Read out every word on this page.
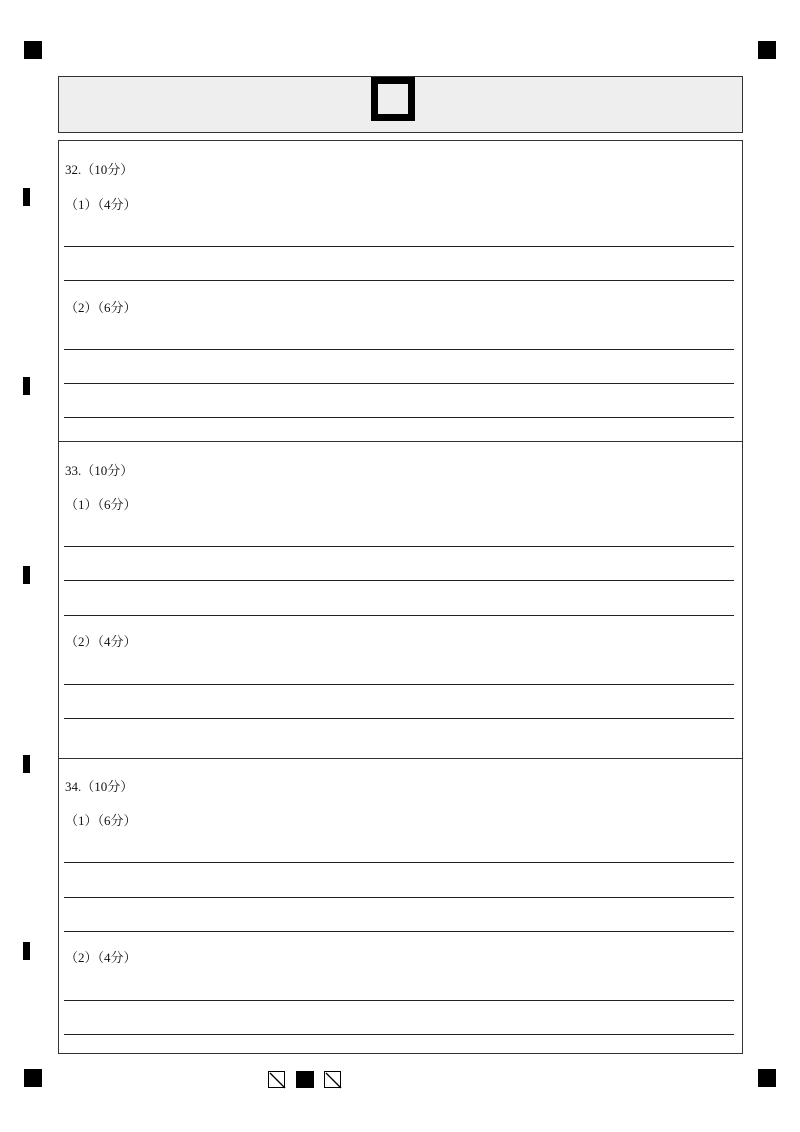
32.（10分）
（1）（4分）
（2）（6分）
33.（10分）
（1）（6分）
（2）（4分）
34.（10分）
（1）（6分）
（2）（4分）
